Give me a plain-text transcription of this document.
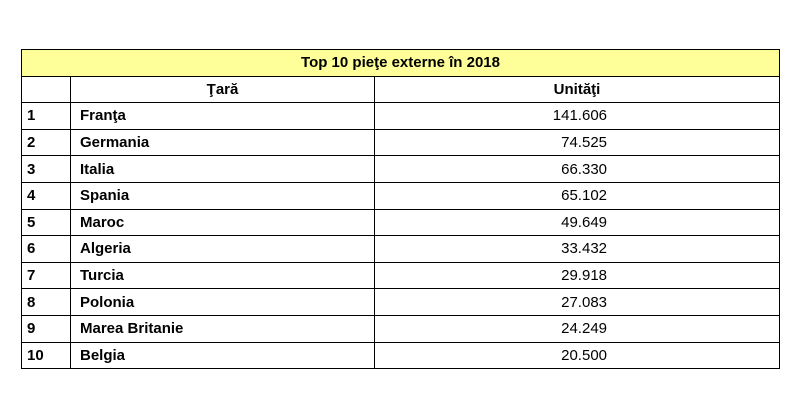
Top 10 pieţe externe în 2018		
	Ţară	Unităţi
1	Franţa	141.606
2	Germania	74.525
3	Italia	66.330
4	Spania	65.102
5	Maroc	49.649
6	Algeria	33.432
7	Turcia	29.918
8	Polonia	27.083
9	Marea Britanie	24.249
10	Belgia	20.500
